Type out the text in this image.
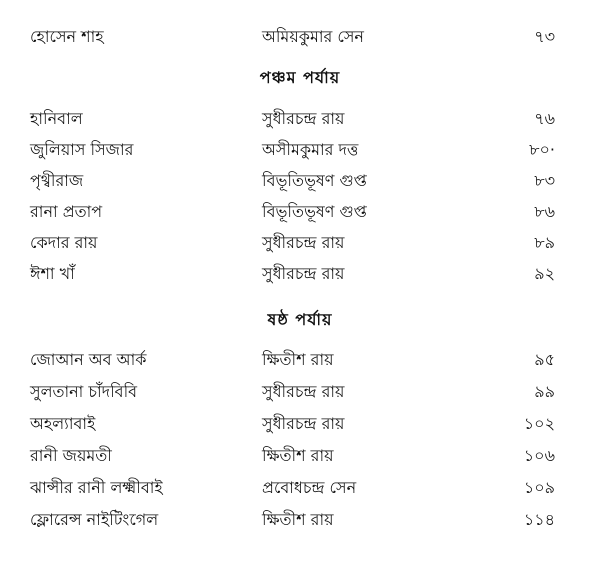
হোসেন শাহ	অমিয়কুমার সেন	৭৩
পঞ্চম পর্যায়
হানিবাল	সুধীরচন্দ্র রায়	৭৬
জুলিয়াস সিজার	অসীমকুমার দত্ত	৮০·
পৃথ্বীরাজ	বিভূতিভূষণ গুপ্ত	৮৩
রানা প্রতাপ	বিভূতিভূষণ গুপ্ত	৮৬
কেদার রায়	সুধীরচন্দ্র রায়	৮৯
ঈশা খাঁ	সুধীরচন্দ্র রায়	৯২
ষষ্ঠ পর্যায়
জোআন অব আর্ক	ক্ষিতীশ রায়	৯৫
সুলতানা চাঁদবিবি	সুধীরচন্দ্র রায়	৯৯
অহল্যাবাই	সুধীরচন্দ্র রায়	১০২
রানী জয়মতী	ক্ষিতীশ রায়	১০৬
ঝান্সীর রানী লক্ষ্মীবাই	প্রবোধচন্দ্র সেন	১০৯
ফ্লোরেন্স নাইটিংগেল	ক্ষিতীশ রায়	১১৪
